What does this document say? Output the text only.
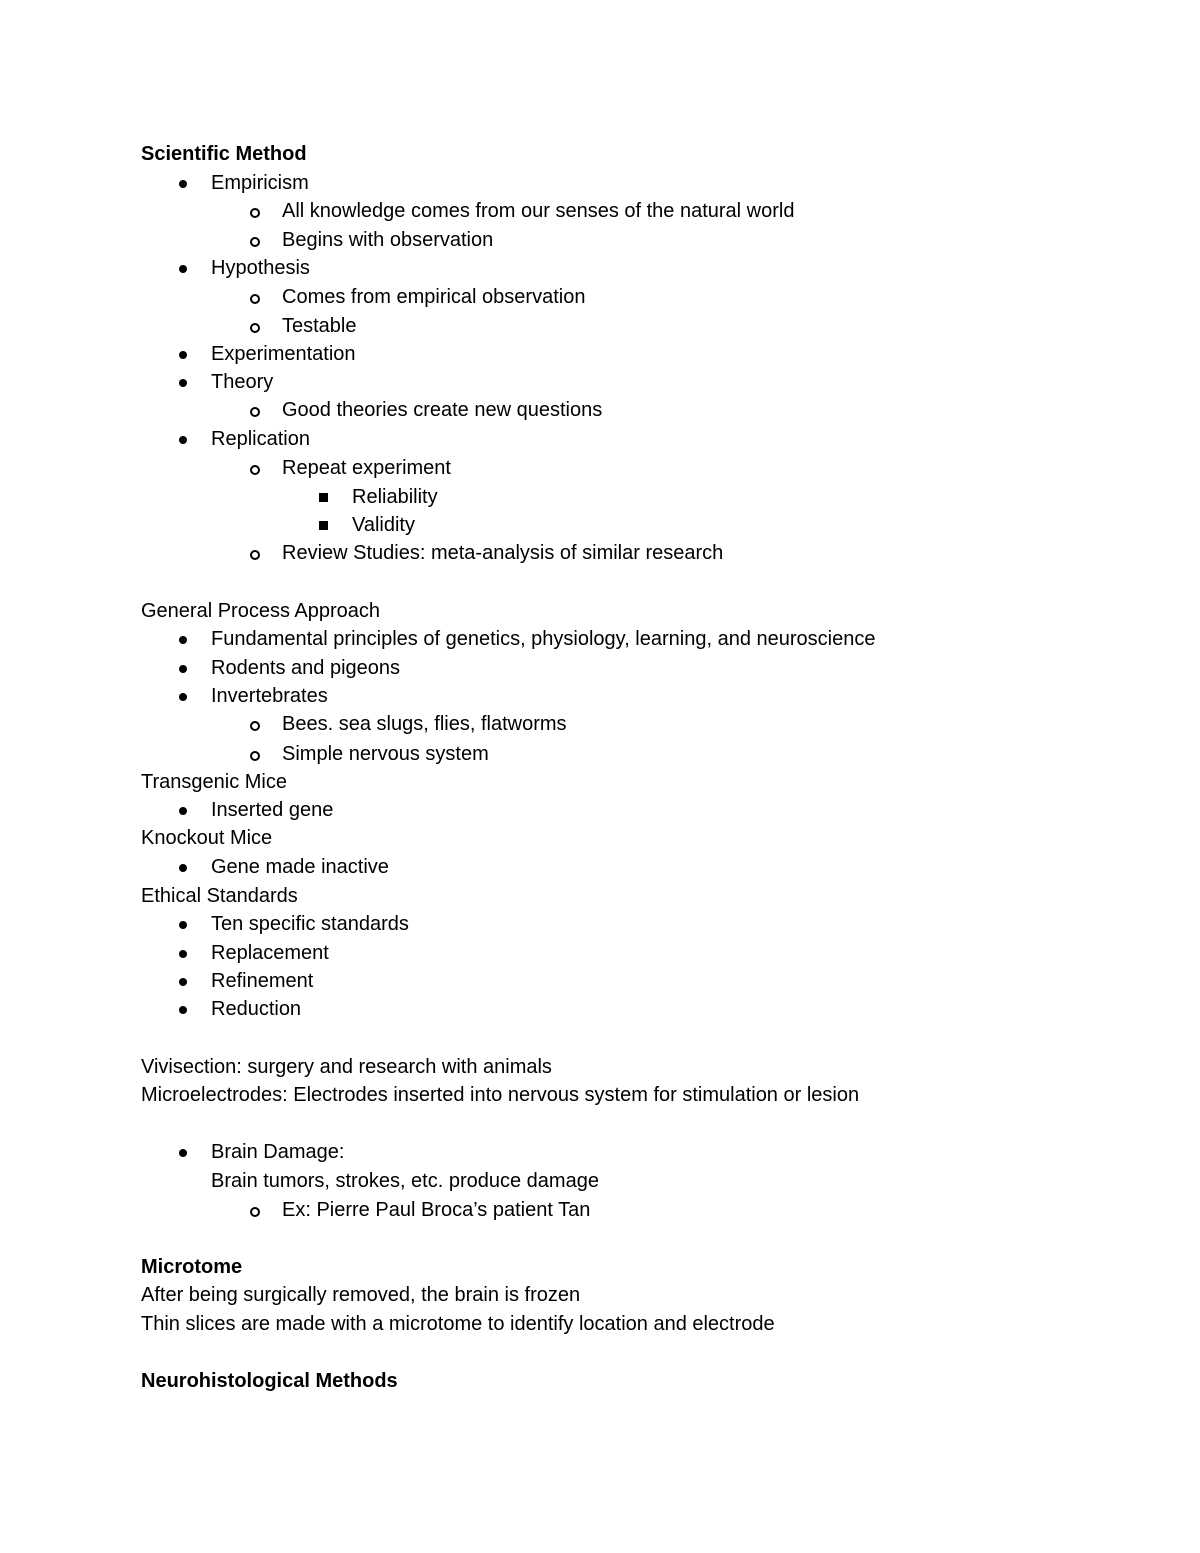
Scientific Method
Empiricism
All knowledge comes from our senses of the natural world
Begins with observation
Hypothesis
Comes from empirical observation
Testable
Experimentation
Theory
Good theories create new questions
Replication
Repeat experiment
Reliability
Validity
Review Studies: meta-analysis of similar research
General Process Approach
Fundamental principles of genetics, physiology, learning, and neuroscience
Rodents and pigeons
Invertebrates
Bees. sea slugs, flies, flatworms
Simple nervous system
Transgenic Mice
Inserted gene
Knockout Mice
Gene made inactive
Ethical Standards
Ten specific standards
Replacement
Refinement
Reduction
Vivisection: surgery and research with animals
Microelectrodes: Electrodes inserted into nervous system for stimulation or lesion
Brain Damage:
Brain tumors, strokes, etc. produce damage
Ex: Pierre Paul Broca’s patient Tan
Microtome
After being surgically removed, the brain is frozen
Thin slices are made with a microtome to identify location and electrode
Neurohistological Methods
